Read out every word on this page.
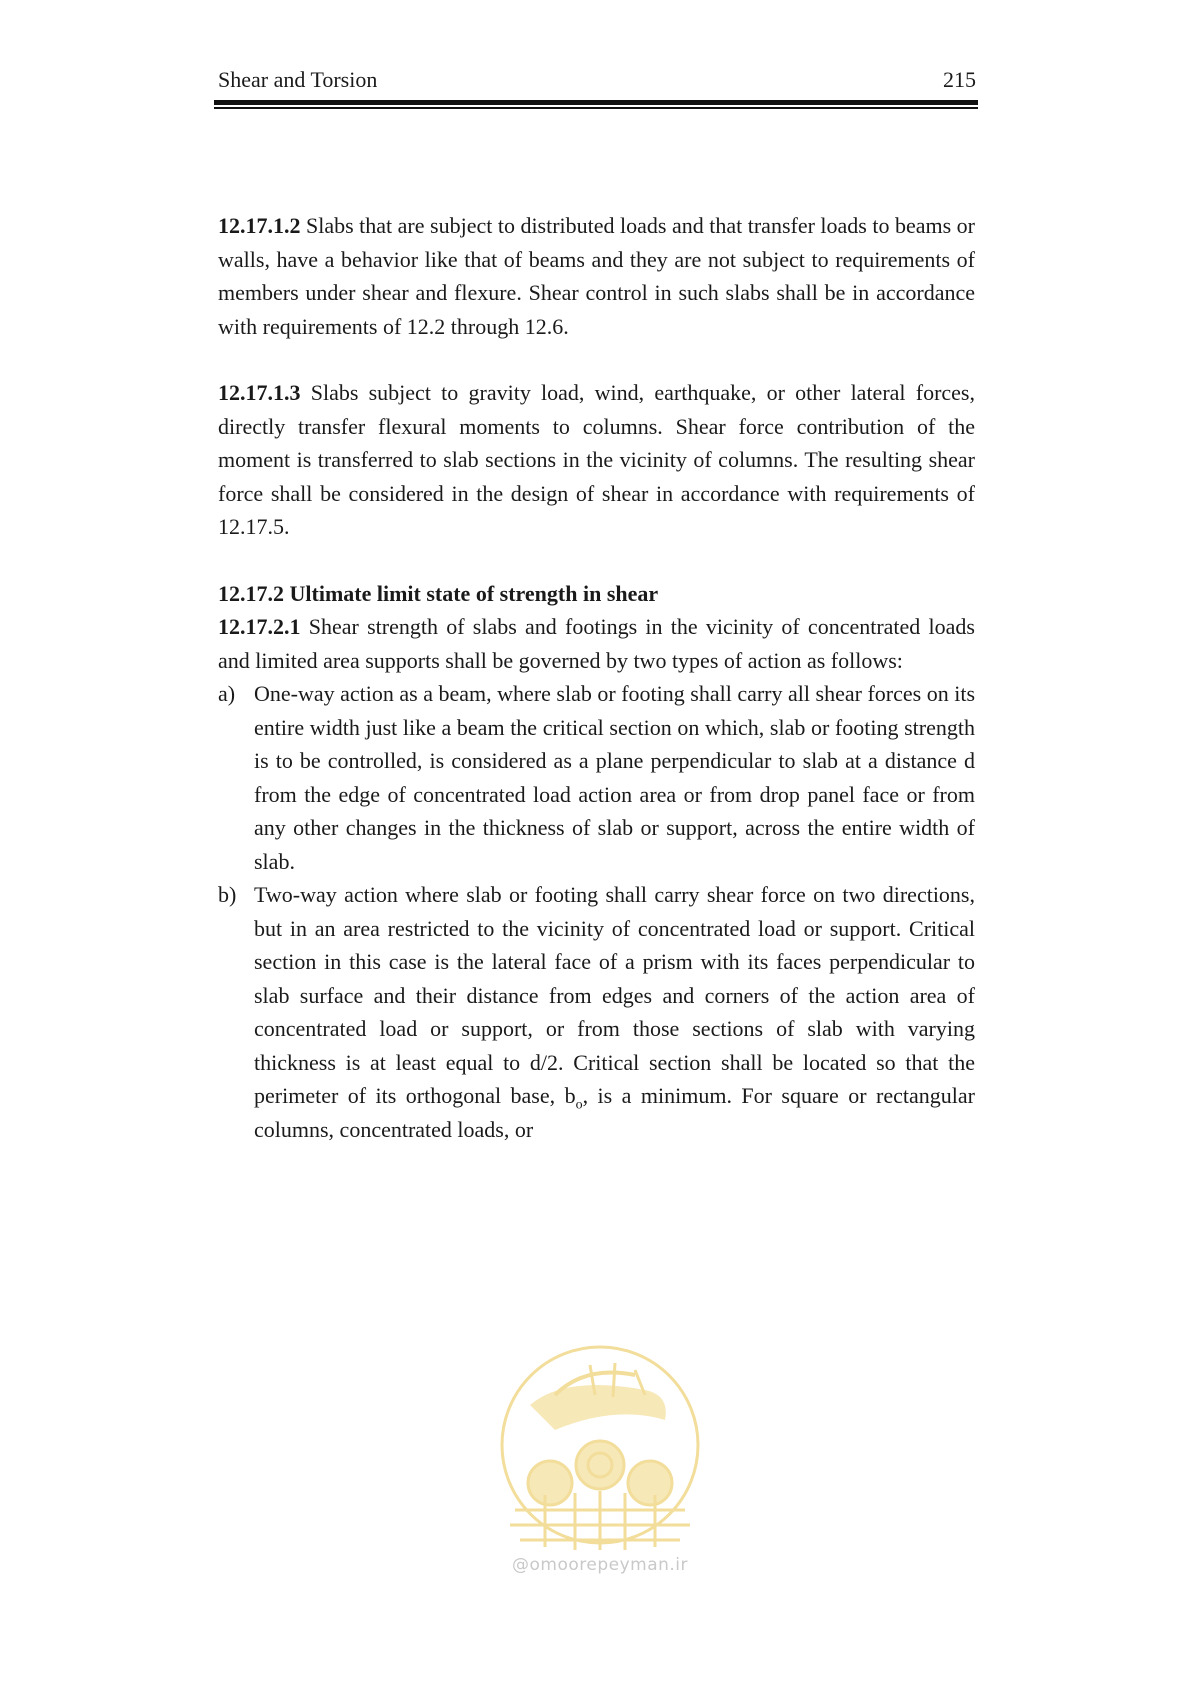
Shear and Torsion	215

12.17.1.2 Slabs that are subject to distributed loads and that transfer loads to beams or walls, have a behavior like that of beams and they are not subject to requirements of members under shear and flexure. Shear control in such slabs shall be in accordance with requirements of 12.2 through 12.6.

12.17.1.3 Slabs subject to gravity load, wind, earthquake, or other lateral forces, directly transfer flexural moments to columns. Shear force contribution of the moment is transferred to slab sections in the vicinity of columns. The resulting shear force shall be considered in the design of shear in accordance with requirements of 12.17.5.

12.17.2 Ultimate limit state of strength in shear

12.17.2.1 Shear strength of slabs and footings in the vicinity of concentrated loads and limited area supports shall be governed by two types of action as follows:

a) One-way action as a beam, where slab or footing shall carry all shear forces on its entire width just like a beam the critical section on which, slab or footing strength is to be controlled, is considered as a plane perpendicular to slab at a distance d from the edge of concentrated load action area or from drop panel face or from any other changes in the thickness of slab or support, across the entire width of slab.
b) Two-way action where slab or footing shall carry shear force on two directions, but in an area restricted to the vicinity of concentrated load or support. Critical section in this case is the lateral face of a prism with its faces perpendicular to slab surface and their distance from edges and corners of the action area of concentrated load or support, or from those sections of slab with varying thickness is at least equal to d/2. Critical section shall be located so that the perimeter of its orthogonal base, $b_o$, is a minimum. For square or rectangular columns, concentrated loads, or
@omoorepeyman.ir
